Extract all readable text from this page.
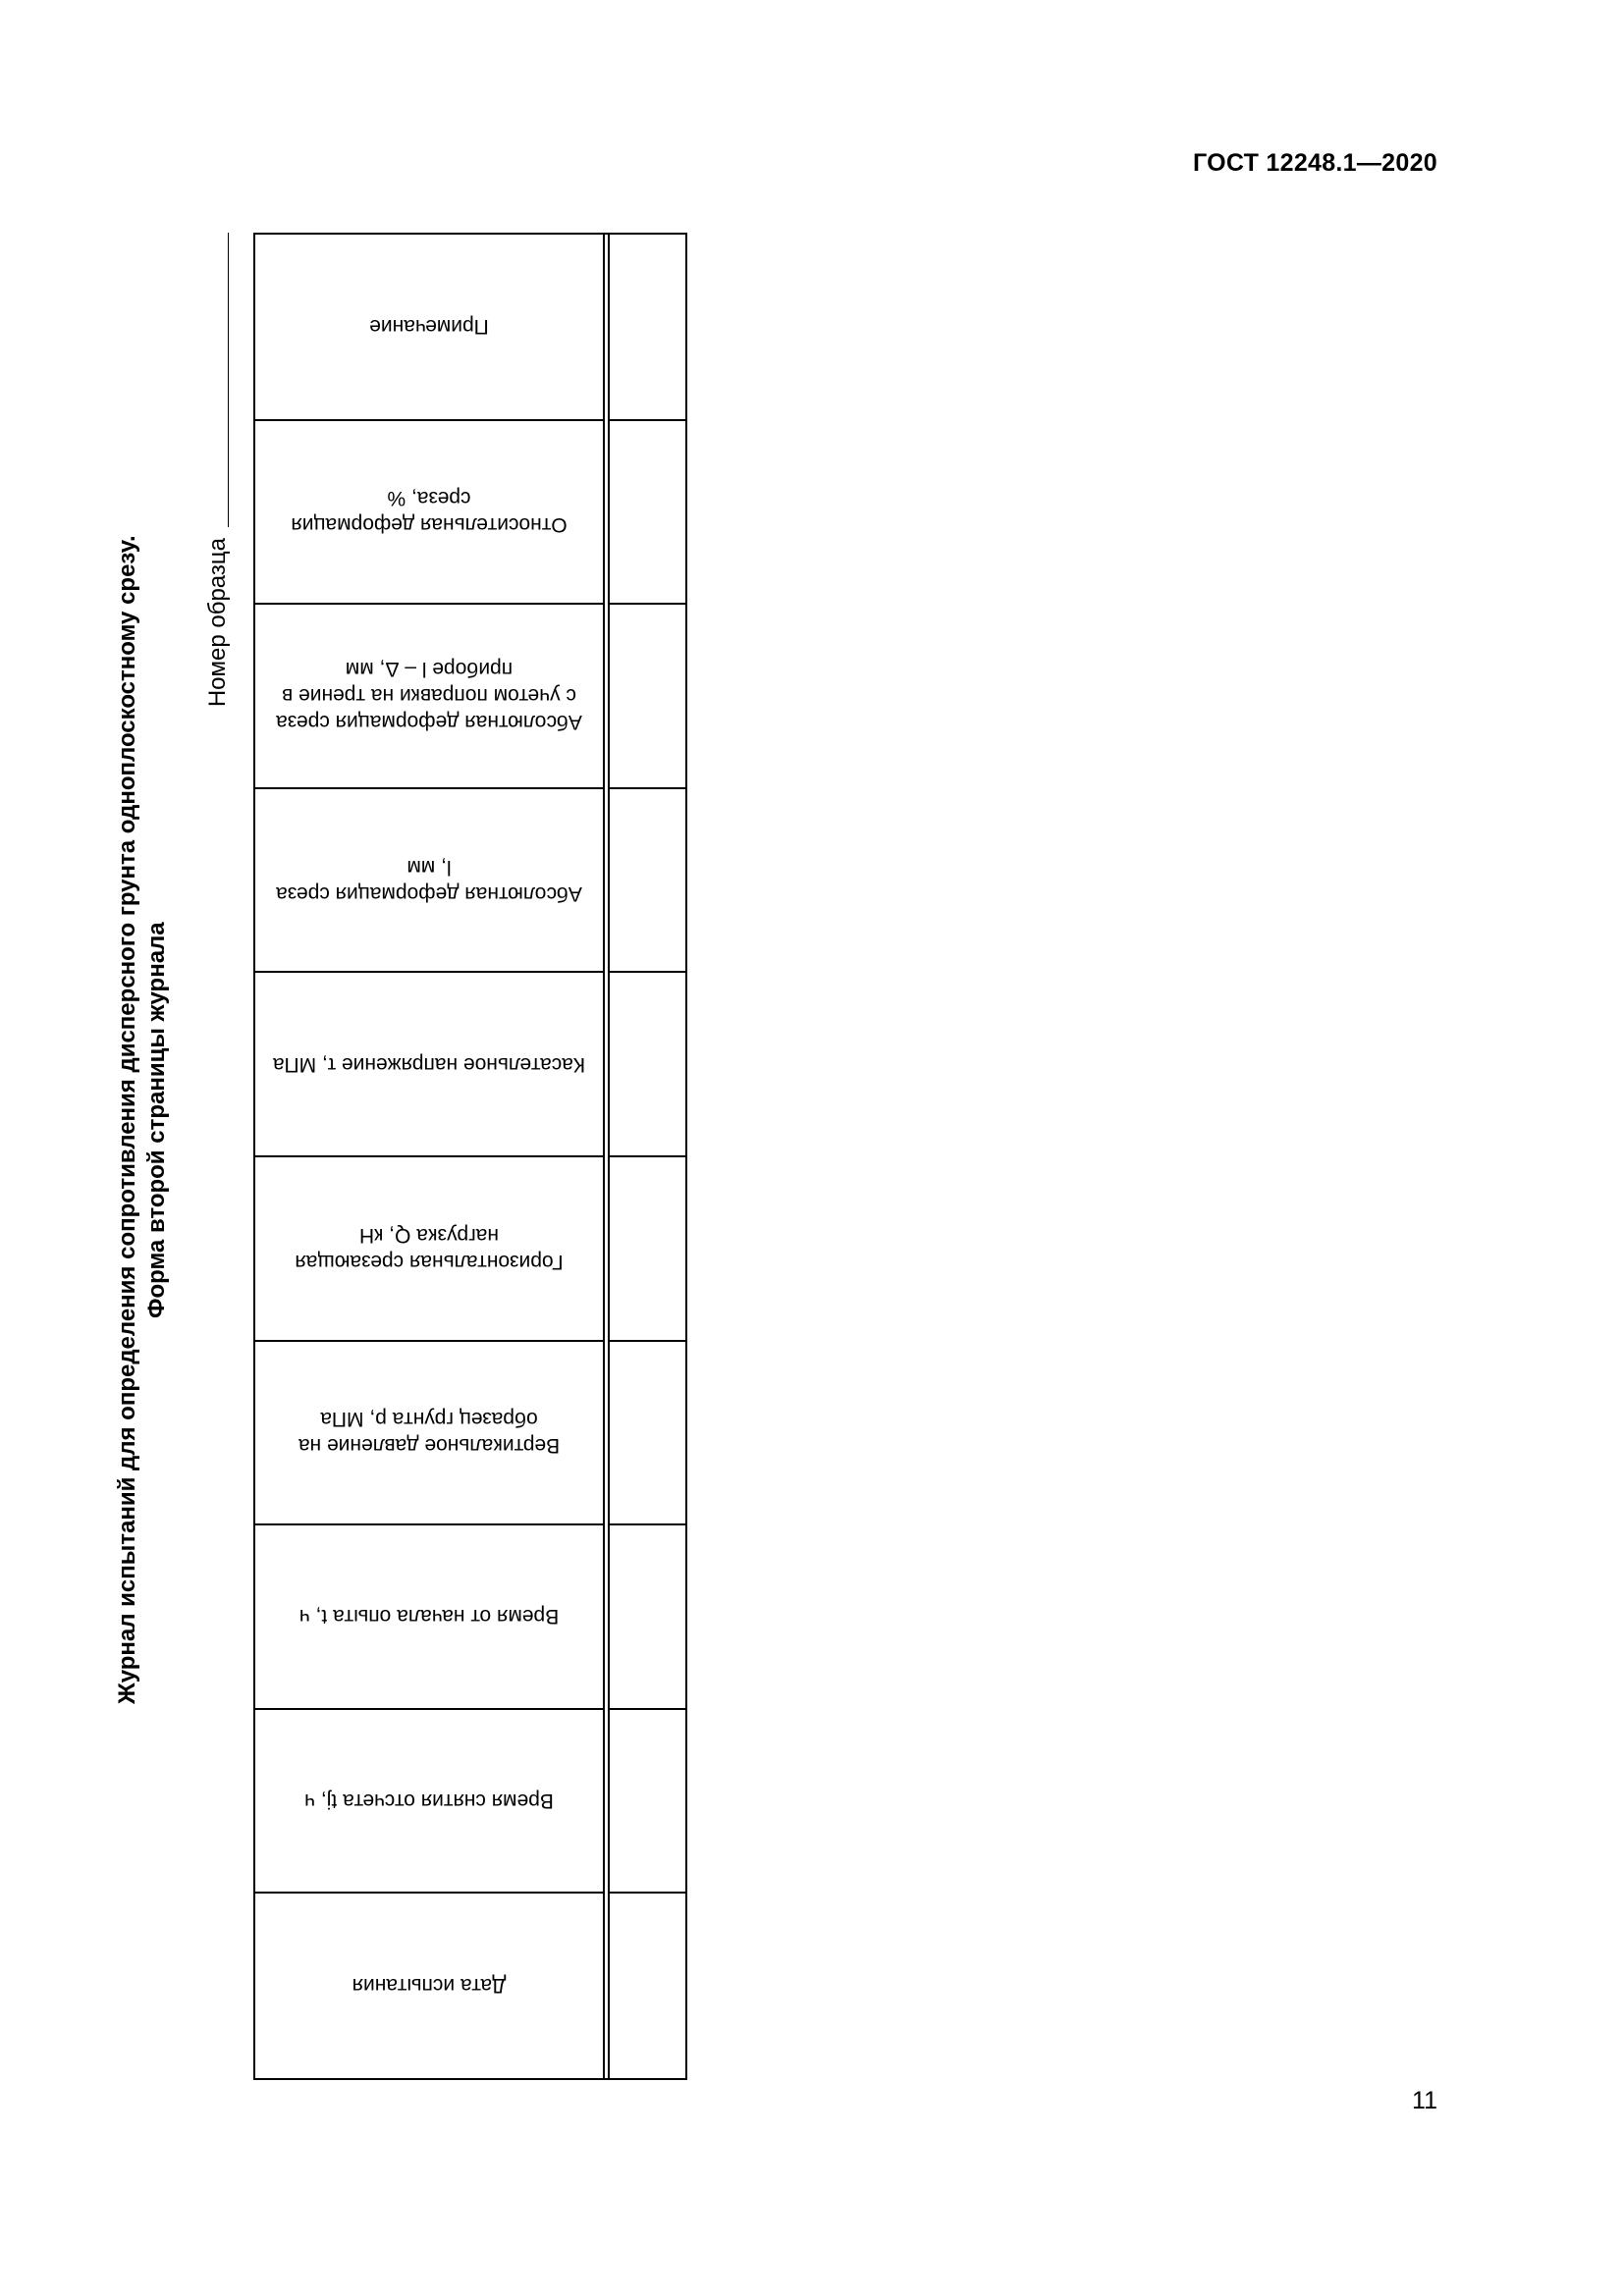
ГОСТ 12248.1—2020
Журнал испытаний для определения сопротивления дисперсного грунта одноплоскостному срезу. Форма второй страницы журнала
Номер образца
Примечание
Относительная деформация среза, %
Абсолютная деформация среза с учетом поправки на трение в приборе l – Δ, мм
Абсолютная деформация среза l, мм
Касательное напряжение τ, МПа
Горизонтальная срезающая нагрузка Q, кН
Вертикальное давление на образец грунта p, МПа
Время от начала опыта t, ч
Время снятия отсчета tj, ч
Дата испытания
11
